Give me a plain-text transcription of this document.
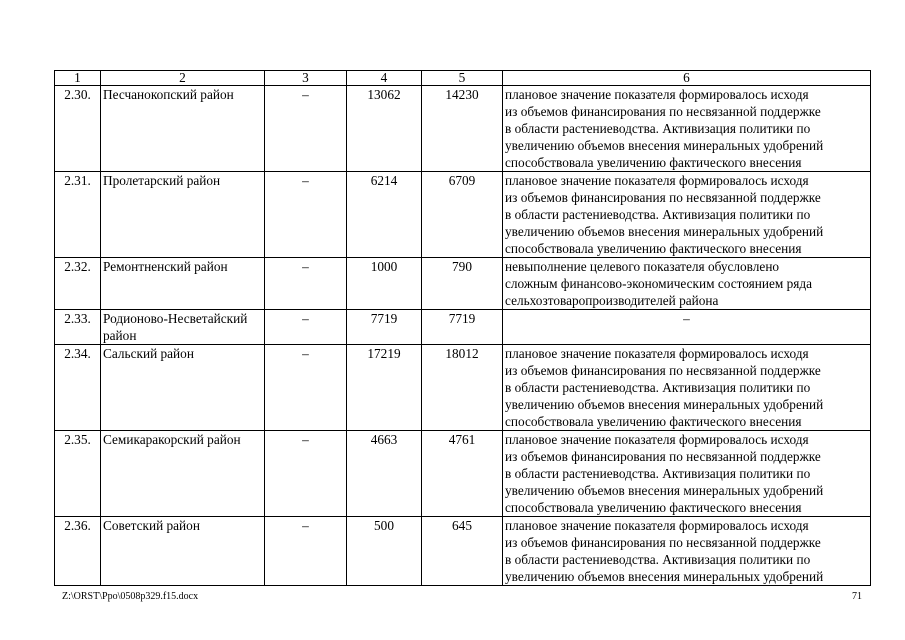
1	2	3	4	5	6
2.30.	Песчанокопский район	–	13062	14230	плановое значение показателя формировалось исходя
из объемов финансирования по несвязанной поддержке
в области растениеводства. Активизация политики по
увеличению объемов внесения минеральных удобрений
способствовала увеличению фактического внесения

2.31.	Пролетарский район	–	6214	6709	плановое значение показателя формировалось исходя
из объемов финансирования по несвязанной поддержке
в области растениеводства. Активизация политики по
увеличению объемов внесения минеральных удобрений
способствовала увеличению фактического внесения

2.32.	Ремонтненский район	–	1000	790	невыполнение целевого показателя обусловлено
сложным финансово-экономическим состоянием ряда
сельхозтоваропроизводителей района

2.33.	Родионово-Несветайский район	–	7719	7719	–

2.34.	Сальский район	–	17219	18012	плановое значение показателя формировалось исходя
из объемов финансирования по несвязанной поддержке
в области растениеводства. Активизация политики по
увеличению объемов внесения минеральных удобрений
способствовала увеличению фактического внесения

2.35.	Семикаракорский район	–	4663	4761	плановое значение показателя формировалось исходя
из объемов финансирования по несвязанной поддержке
в области растениеводства. Активизация политики по
увеличению объемов внесения минеральных удобрений
способствовала увеличению фактического внесения

2.36.	Советский район	–	500	645	плановое значение показателя формировалось исходя
из объемов финансирования по несвязанной поддержке
в области растениеводства. Активизация политики по
увеличению объемов внесения минеральных удобрений
Z:\ORST\Ppo\0508p329.f15.docx	71
